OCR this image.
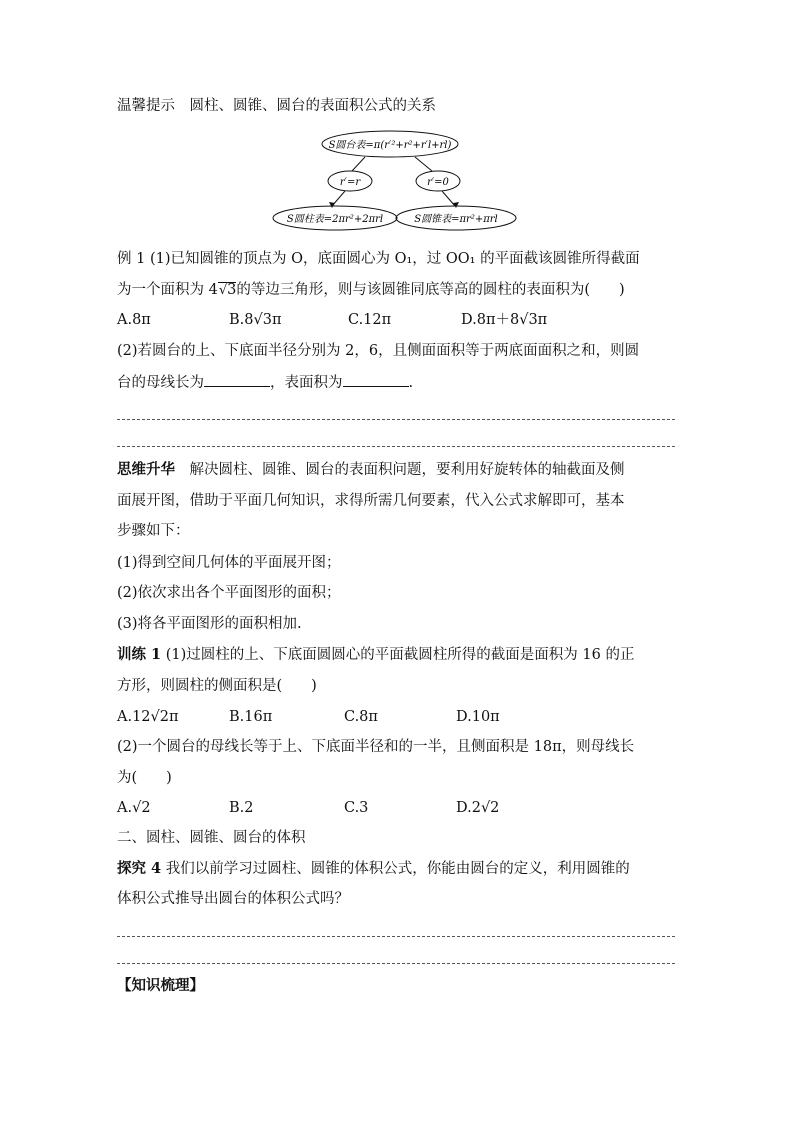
温馨提示　 圆柱、圆锥、圆台的表面积公式的关系
S圆台表=π(r′²+r²+r′l+rl)
r′=r	r′=0
S圆柱表=2πr²+2πrl	S圆锥表=πr²+πrl
例 1 (1)已知圆锥的顶点为 O，底面圆心为 O₁，过 OO₁ 的平面截该圆锥所得截面
为一个面积为 4√3的等边三角形，则与该圆锥同底等高的圆柱的表面积为(　　)
A.8π	B.8√3π	C.12π	D.8π＋8√3π
(2)若圆台的上、下底面半径分别为 2，6，且侧面面积等于两底面面积之和，则圆
台的母线长为	，表面积为	.
思维升华　 解决圆柱、圆锥、圆台的表面积问题，要利用好旋转体的轴截面及侧
面展开图，借助于平面几何知识，求得所需几何要素，代入公式求解即可，基本
步骤如下：
(1)得到空间几何体的平面展开图；
(2)依次求出各个平面图形的面积；
(3)将各平面图形的面积相加.
训练 1 (1)过圆柱的上、下底面圆圆心的平面截圆柱所得的截面是面积为 16 的正
方形，则圆柱的侧面积是(　　)
A.12√2π	B.16π	C.8π	D.10π
(2)一个圆台的母线长等于上、下底面半径和的一半，且侧面积是 18π，则母线长
为(　　)
A.√2	B.2	C.3	D.2√2
二、圆柱、圆锥、圆台的体积
探究 4 我们以前学习过圆柱、圆锥的体积公式，你能由圆台的定义，利用圆锥的
体积公式推导出圆台的体积公式吗？
【知识梳理】
